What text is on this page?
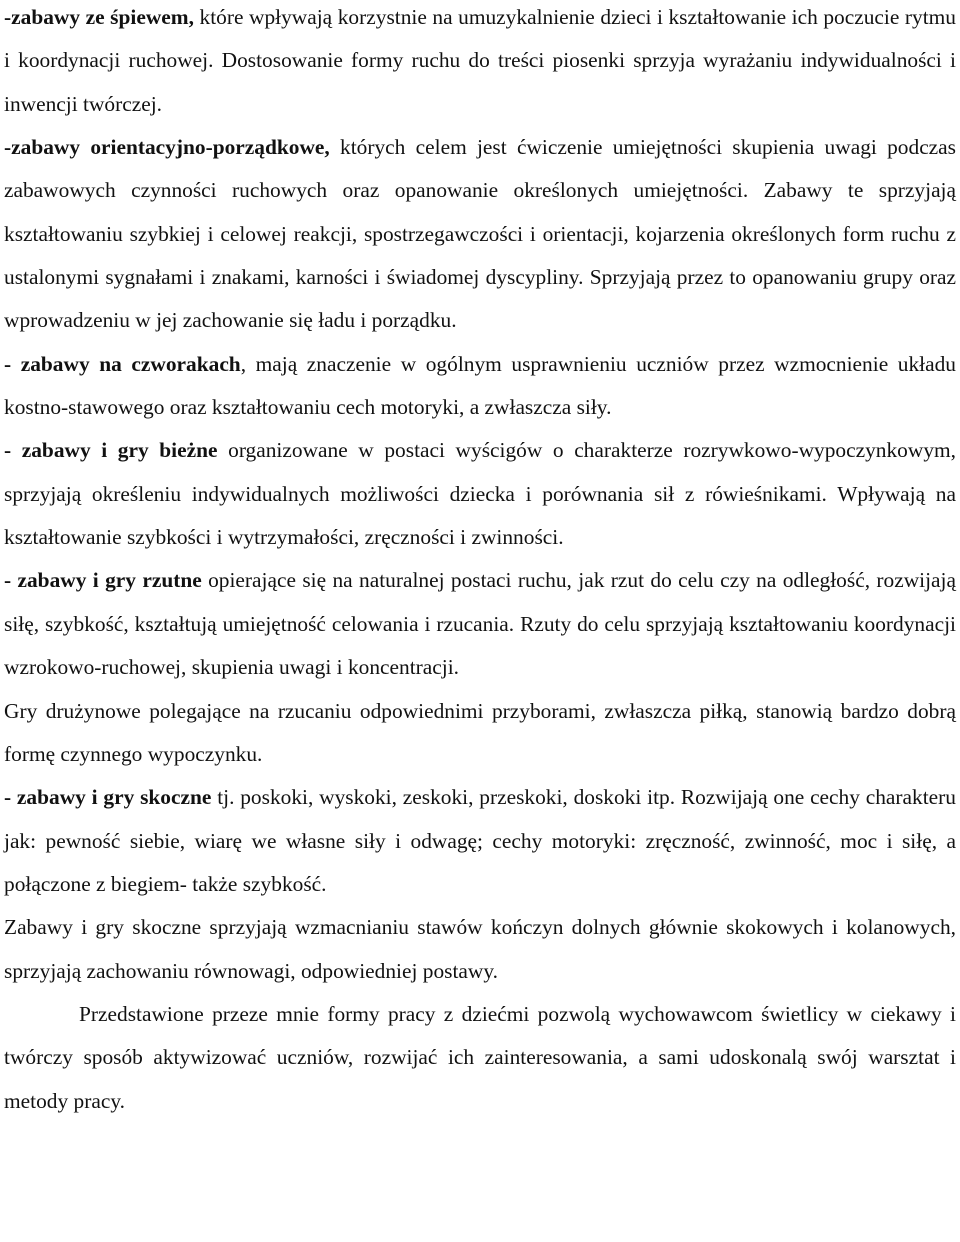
-zabawy ze śpiewem, które wpływają korzystnie na umuzykalnienie dzieci i kształtowanie ich poczucie rytmu i koordynacji ruchowej. Dostosowanie formy ruchu do treści piosenki sprzyja wyrażaniu indywidualności i inwencji twórczej.

-zabawy orientacyjno-porządkowe, których celem jest ćwiczenie umiejętności skupienia uwagi podczas zabawowych czynności ruchowych oraz opanowanie określonych umiejętności. Zabawy te sprzyjają kształtowaniu szybkiej i celowej reakcji, spostrzegawczości i orientacji, kojarzenia określonych form ruchu z ustalonymi sygnałami i znakami, karności i świadomej dyscypliny. Sprzyjają przez to opanowaniu grupy oraz wprowadzeniu w jej zachowanie się ładu i porządku.

- zabawy na czworakach, mają znaczenie w ogólnym usprawnieniu uczniów przez wzmocnienie układu kostno-stawowego oraz kształtowaniu cech motoryki, a zwłaszcza siły.

- zabawy i gry bieżne organizowane w postaci wyścigów o charakterze rozrywkowo-wypoczynkowym, sprzyjają określeniu indywidualnych możliwości dziecka i porównania sił z rówieśnikami. Wpływają na kształtowanie szybkości i wytrzymałości, zręczności i zwinności.

- zabawy i gry rzutne opierające się na naturalnej postaci ruchu, jak rzut do celu czy na odległość, rozwijają siłę, szybkość, kształtują umiejętność celowania i rzucania. Rzuty do celu sprzyjają kształtowaniu koordynacji wzrokowo-ruchowej, skupienia uwagi i koncentracji.

Gry drużynowe polegające na rzucaniu odpowiednimi przyborami, zwłaszcza piłką, stanowią bardzo dobrą formę czynnego wypoczynku.

- zabawy i gry skoczne tj. poskoki, wyskoki, zeskoki, przeskoki, doskoki itp. Rozwijają one cechy charakteru jak: pewność siebie, wiarę we własne siły i odwagę; cechy motoryki: zręczność, zwinność, moc i siłę, a połączone z biegiem- także szybkość.

Zabawy i gry skoczne sprzyjają wzmacnianiu stawów kończyn dolnych głównie skokowych i kolanowych, sprzyjają zachowaniu równowagi, odpowiedniej postawy.

Przedstawione przeze mnie formy pracy z dziećmi pozwolą wychowawcom świetlicy w ciekawy i twórczy sposób aktywizować uczniów, rozwijać ich zainteresowania, a sami udoskonalą swój warsztat i metody pracy.
